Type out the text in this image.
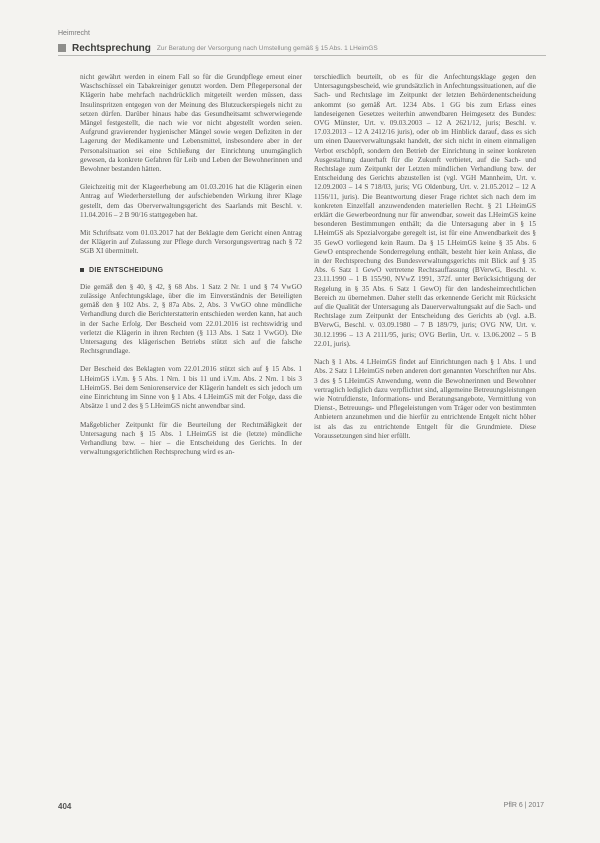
Heimrecht
Rechtsprechung Zur Beratung der Versorgung nach Umstellung gemäß § 15 Abs. 1 LHeimGS

nicht gewährt werden in einem Fall so für die Grundpflege erneut einer Waschschüssel ein Tabakreiniger genutzt worden. Dem Pflegepersonal der Klägerin habe mehrfach nachdrücklich mitgeteilt werden müssen, dass Insulinspritzen entgegen von der Meinung des Blutzuckerspiegels nicht zu setzen dürfen. Darüber hinaus habe das Gesundheitsamt schwerwiegende Mängel festgestellt, die nach wie vor nicht abgestellt worden seien. Aufgrund gravierender hygienischer Mängel sowie wegen Defiziten in der Lagerung der Medikamente und Lebensmittel, insbesondere aber in der Personalsituation sei eine Schließung der Einrichtung unumgänglich gewesen, da konkrete Gefahren für Leib und Leben der Bewohnerinnen und Bewohner bestanden hätten.

Gleichzeitig mit der Klageerhebung am 01.03.2016 hat die Klägerin einen Antrag auf Wiederherstellung der aufschiebenden Wirkung ihrer Klage gestellt, dem das Oberverwaltungsgericht des Saarlands mit Beschl. v. 11.04.2016 – 2 B 90/16 stattgegeben hat.

Mit Schriftsatz vom 01.03.2017 hat der Beklagte dem Gericht einen Antrag der Klägerin auf Zulassung zur Pflege durch Versorgungsvertrag nach § 72 SGB XI übermittelt.

DIE ENTSCHEIDUNG

Die gemäß den § 40, § 42, § 68 Abs. 1 Satz 2 Nr. 1 und § 74 VwGO zulässige Anfechtungsklage, über die im Einverständnis der Beteiligten gemäß den § 102 Abs. 2, § 87a Abs. 2, Abs. 3 VwGO ohne mündliche Verhandlung durch die Berichterstatterin entschieden werden kann, hat auch in der Sache Erfolg. Der Bescheid vom 22.01.2016 ist rechtswidrig und verletzt die Klägerin in ihren Rechten (§ 113 Abs. 1 Satz 1 VwGO). Die Untersagung des klägerischen Betriebs stützt sich auf die falsche Rechtsgrundlage.

Der Bescheid des Beklagten vom 22.01.2016 stützt sich auf § 15 Abs. 1 LHeimGS i.V.m. § 5 Abs. 1 Nrn. 1 bis 11 und i.V.m. Abs. 2 Nrn. 1 bis 3 LHeimGS. Bei dem Seniorenservice der Klägerin handelt es sich jedoch um eine Einrichtung im Sinne von § 1 Abs. 4 LHeimGS mit der Folge, dass die Absätze 1 und 2 des § 5 LHeimGS nicht anwendbar sind.

Maßgeblicher Zeitpunkt für die Beurteilung der Rechtmäßigkeit der Untersagung nach § 15 Abs. 1 LHeimGS ist die (letzte) mündliche Verhandlung bzw. – hier – die Entscheidung des Gerichts. In der verwaltungsgerichtlichen Rechtsprechung wird es an-

terschiedlich beurteilt, ob es für die Anfechtungsklage gegen den Untersagungsbescheid, wie grundsätzlich in Anfechtungssituationen, auf die Sach- und Rechtslage im Zeitpunkt der letzten Behördenentscheidung ankommt (so gemäß Art. 1234 Abs. 1 GG bis zum Erlass eines landeseigenen Gesetzes weiterhin anwendbaren Heimgesetz des Bundes: OVG Münster, Urt. v. 09.03.2003 – 12 A 2621/12, juris; Beschl. v. 17.03.2013 – 12 A 2412/16 juris), oder ob im Hinblick darauf, dass es sich um einen Dauerverwaltungsakt handelt, der sich nicht in einem einmaligen Verbot erschöpft, sondern den Betrieb der Einrichtung in seiner konkreten Ausgestaltung dauerhaft für die Zukunft verbietet, auf die Sach- und Rechtslage zum Zeitpunkt der Letzten mündlichen Verhandlung bzw. der Entscheidung des Gerichts abzustellen ist (vgl. VGH Mannheim, Urt. v. 12.09.2003 – 14 S 718/03, juris; VG Oldenburg, Urt. v. 21.05.2012 – 12 A 1156/11, juris). Die Beantwortung dieser Frage richtet sich nach dem im konkreten Einzelfall anzuwendenden materiellen Recht. § 21 LHeimGS erklärt die Gewerbeordnung nur für anwendbar, soweit das LHeimGS keine besonderen Bestimmungen enthält; da die Untersagung aber in § 15 LHeimGS als Spezialvorgabe geregelt ist, ist für eine Anwendbarkeit des § 35 GewO vorliegend kein Raum. Da § 15 LHeimGS keine § 35 Abs. 6 GewO entsprechende Sonderregelung enthält, besteht hier kein Anlass, die in der Rechtsprechung des Bundesverwaltungsgerichts mit Blick auf § 35 Abs. 6 Satz 1 GewO vertretene Rechtsauffassung (BVerwG, Beschl. v. 23.11.1990 – 1 B 155/90, NVwZ 1991, 372f. unter Berücksichtigung der Regelung in § 35 Abs. 6 Satz 1 GewO) für den landesheimrechtlichen Bereich zu übernehmen. Daher stellt das erkennende Gericht mit Rücksicht auf die Qualität der Untersagung als Dauerverwaltungsakt auf die Sach- und Rechtslage zum Zeitpunkt der Entscheidung des Gerichts ab (vgl. a.B. BVerwG, Beschl. v. 03.09.1980 – 7 B 189/79, juris; OVG NW, Urt. v. 30.12.1996 – 13 A 2111/95, juris; OVG Berlin, Urt. v. 13.06.2002 – 5 B 22.01, juris).

Nach § 1 Abs. 4 LHeimGS findet auf Einrichtungen nach § 1 Abs. 1 und Abs. 2 Satz 1 LHeimGS neben anderen dort genannten Vorschriften nur Abs. 3 des § 5 LHeimGS Anwendung, wenn die Bewohnerinnen und Bewohner vertraglich lediglich dazu verpflichtet sind, allgemeine Betreuungsleistungen wie Notrufdienste, Informations- und Beratungsangebote, Vermittlung von Dienst-, Betreuungs- und Pflegeleistungen vom Träger oder von bestimmten Anbietern anzunehmen und die hierfür zu entrichtende Entgelt nicht höher ist als das zu entrichtende Entgelt für die Grundmiete. Diese Voraussetzungen sind hier erfüllt.

404	PflR 6 | 2017
